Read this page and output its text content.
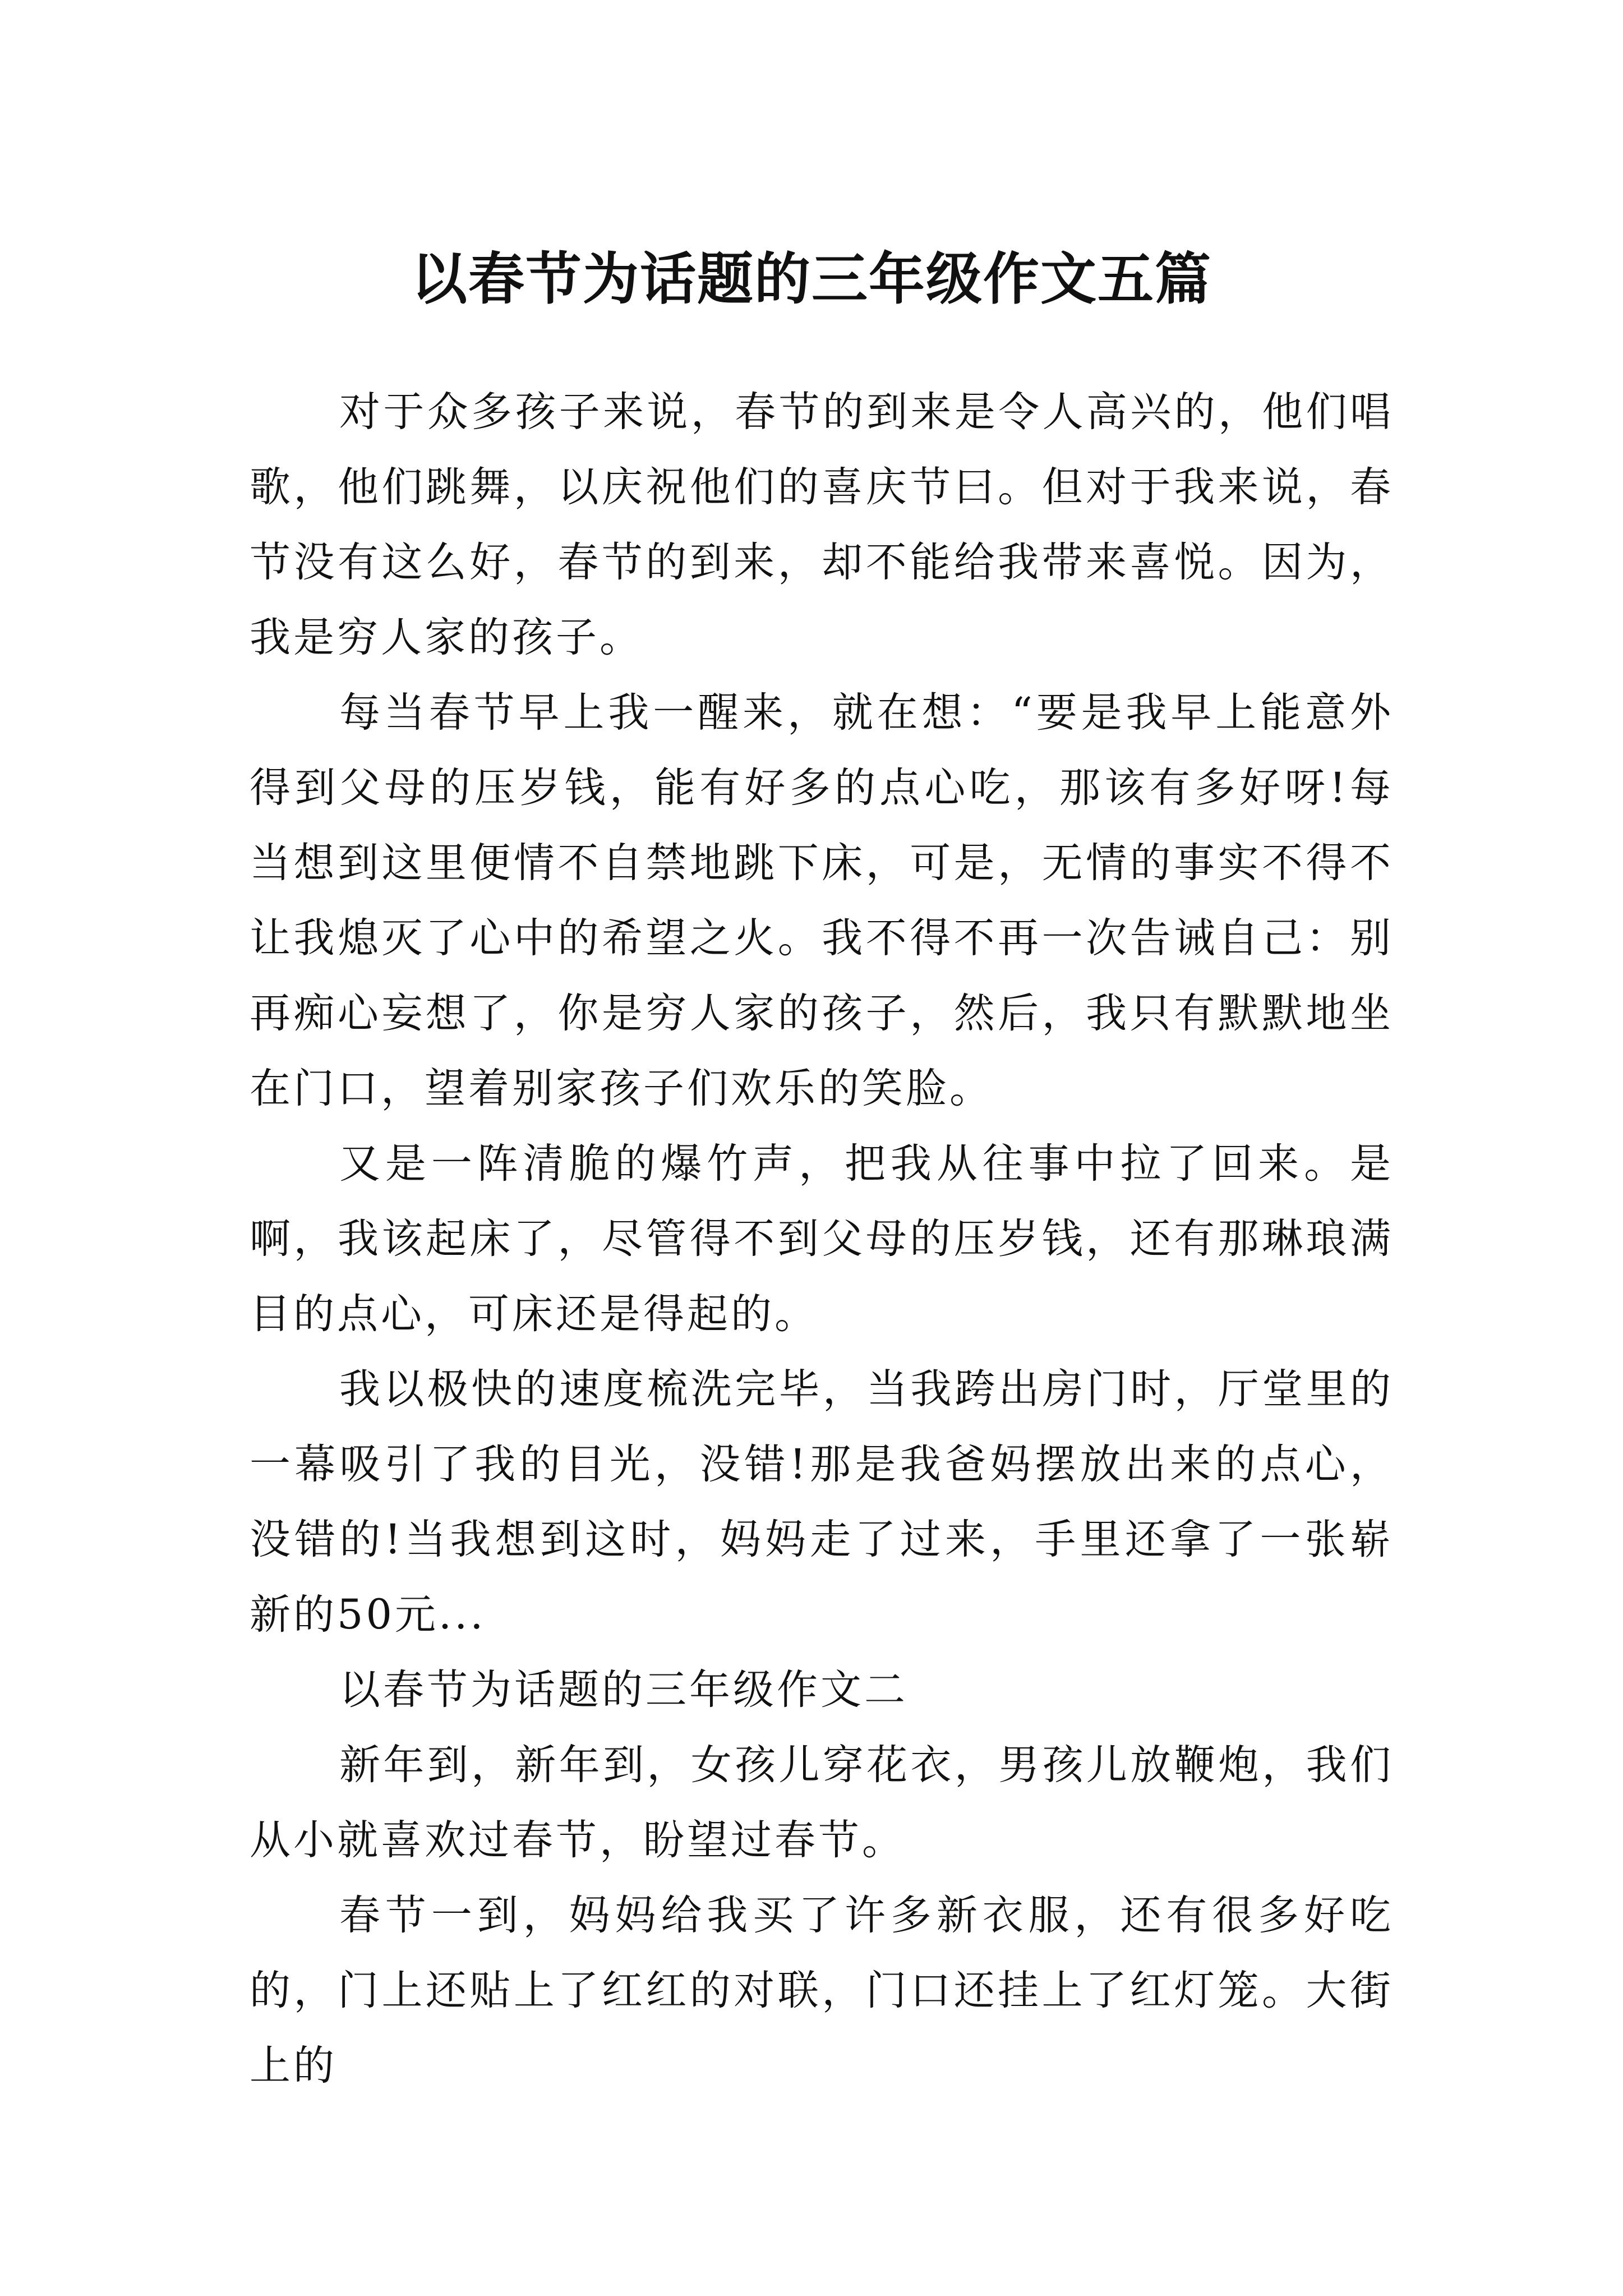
以春节为话题的三年级作文五篇

对于众多孩子来说，春节的到来是令人高兴的，他们唱歌，他们跳舞，以庆祝他们的喜庆节曰。但对于我来说，春节没有这么好，春节的到来，却不能给我带来喜悦。因为，我是穷人家的孩子。

每当春节早上我一醒来，就在想：“要是我早上能意外得到父母的压岁钱，能有好多的点心吃，那该有多好呀!每当想到这里便情不自禁地跳下床，可是，无情的事实不得不让我熄灭了心中的希望之火。我不得不再一次告诫自己：别再痴心妄想了，你是穷人家的孩子，然后，我只有默默地坐在门口，望着别家孩子们欢乐的笑脸。

又是一阵清脆的爆竹声，把我从往事中拉了回来。是啊，我该起床了，尽管得不到父母的压岁钱，还有那琳琅满目的点心，可床还是得起的。

我以极快的速度梳洗完毕，当我跨出房门时，厅堂里的一幕吸引了我的目光，没错!那是我爸妈摆放出来的点心，没错的!当我想到这时，妈妈走了过来，手里还拿了一张崭新的50元...

以春节为话题的三年级作文二

新年到，新年到，女孩儿穿花衣，男孩儿放鞭炮，我们从小就喜欢过春节，盼望过春节。

春节一到，妈妈给我买了许多新衣服，还有很多好吃的，门上还贴上了红红的对联，门口还挂上了红灯笼。大街上的
